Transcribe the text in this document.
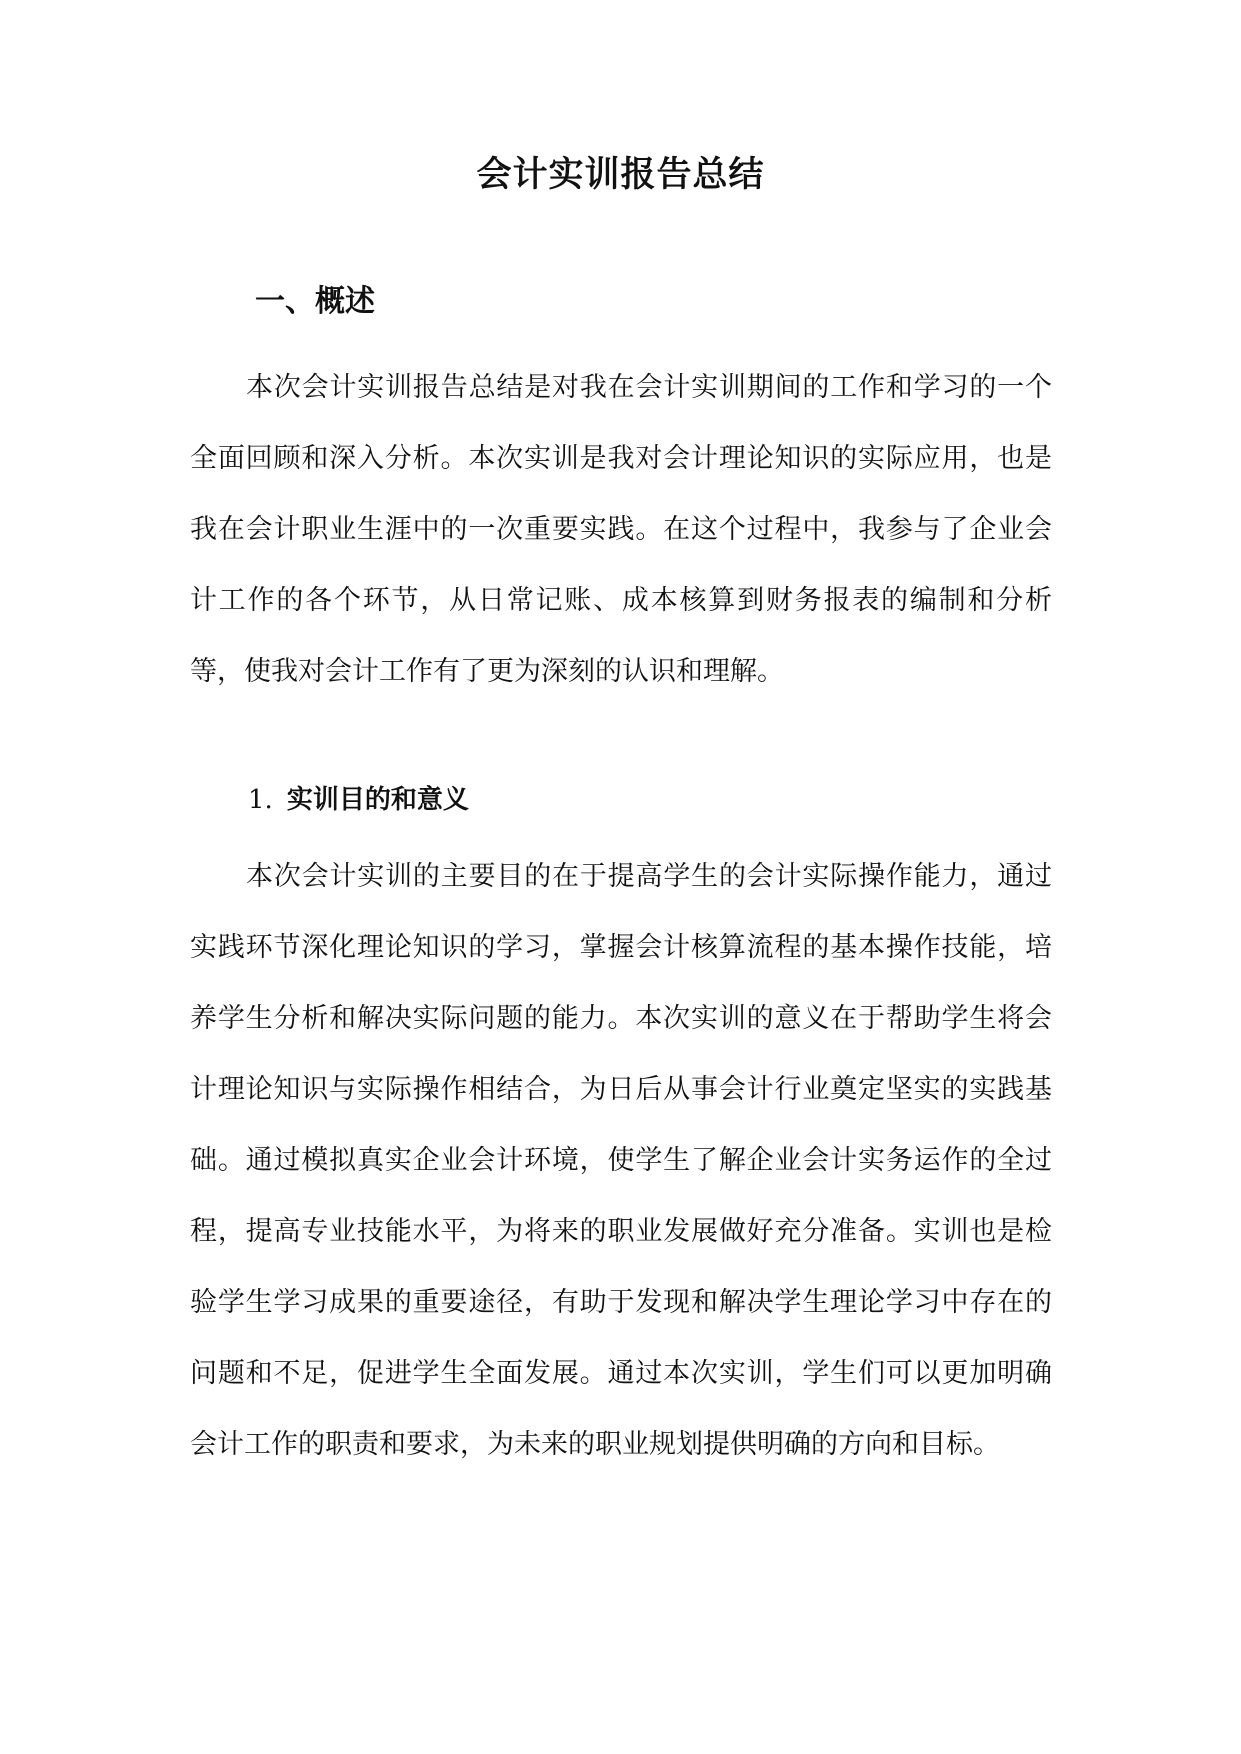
会计实训报告总结
一、概述

本次会计实训报告总结是对我在会计实训期间的工作和学习的一个全面回顾和深入分析。本次实训是我对会计理论知识的实际应用，也是我在会计职业生涯中的一次重要实践。在这个过程中，我参与了企业会计工作的各个环节，从日常记账、成本核算到财务报表的编制和分析等，使我对会计工作有了更为深刻的认识和理解。

1. 实训目的和意义

本次会计实训的主要目的在于提高学生的会计实际操作能力，通过实践环节深化理论知识的学习，掌握会计核算流程的基本操作技能，培养学生分析和解决实际问题的能力。本次实训的意义在于帮助学生将会计理论知识与实际操作相结合，为日后从事会计行业奠定坚实的实践基础。通过模拟真实企业会计环境，使学生了解企业会计实务运作的全过程，提高专业技能水平，为将来的职业发展做好充分准备。实训也是检验学生学习成果的重要途径，有助于发现和解决学生理论学习中存在的问题和不足，促进学生全面发展。通过本次实训，学生们可以更加明确会计工作的职责和要求，为未来的职业规划提供明确的方向和目标。
